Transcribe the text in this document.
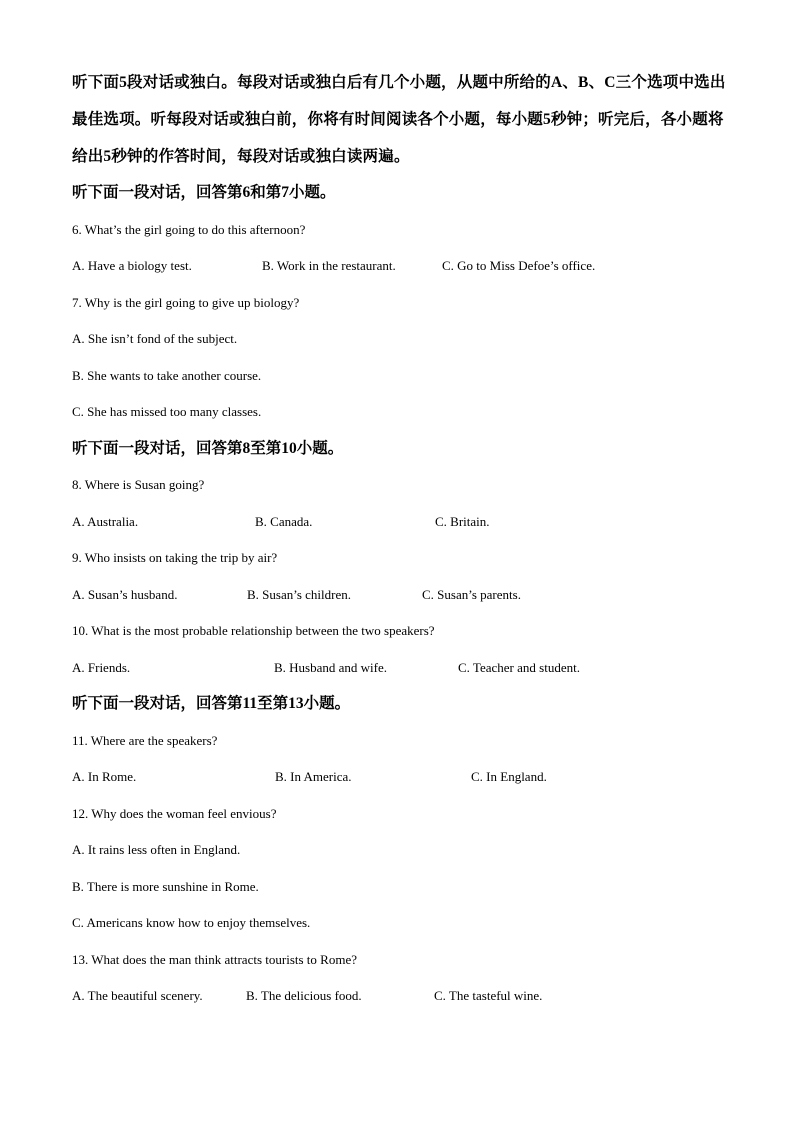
听下面5段对话或独白。每段对话或独白后有几个小题，从题中所给的A、B、C三个选项中选出最佳选项。听每段对话或独白前，你将有时间阅读各个小题，每小题5秒钟；听完后，各小题将给出5秒钟的作答时间，每段对话或独白读两遍。

听下面一段对话，回答第6和第7小题。

6. What’s the girl going to do this afternoon?

A. Have a biology test.	B. Work in the restaurant.	C. Go to Miss Defoe’s office.

7. Why is the girl going to give up biology?

A. She isn’t fond of the subject.

B. She wants to take another course.

C. She has missed too many classes.

听下面一段对话，回答第8至第10小题。

8. Where is Susan going?

A. Australia.	B. Canada.	C. Britain.

9. Who insists on taking the trip by air?

A. Susan’s husband.	B. Susan’s children.	C. Susan’s parents.

10. What is the most probable relationship between the two speakers?

A. Friends.	B. Husband and wife.	C. Teacher and student.

听下面一段对话，回答第11至第13小题。

11. Where are the speakers?

A. In Rome.	B. In America.	C. In England.

12. Why does the woman feel envious?

A. It rains less often in England.

B. There is more sunshine in Rome.

C. Americans know how to enjoy themselves.

13. What does the man think attracts tourists to Rome?

A. The beautiful scenery.	B. The delicious food.	C. The tasteful wine.
